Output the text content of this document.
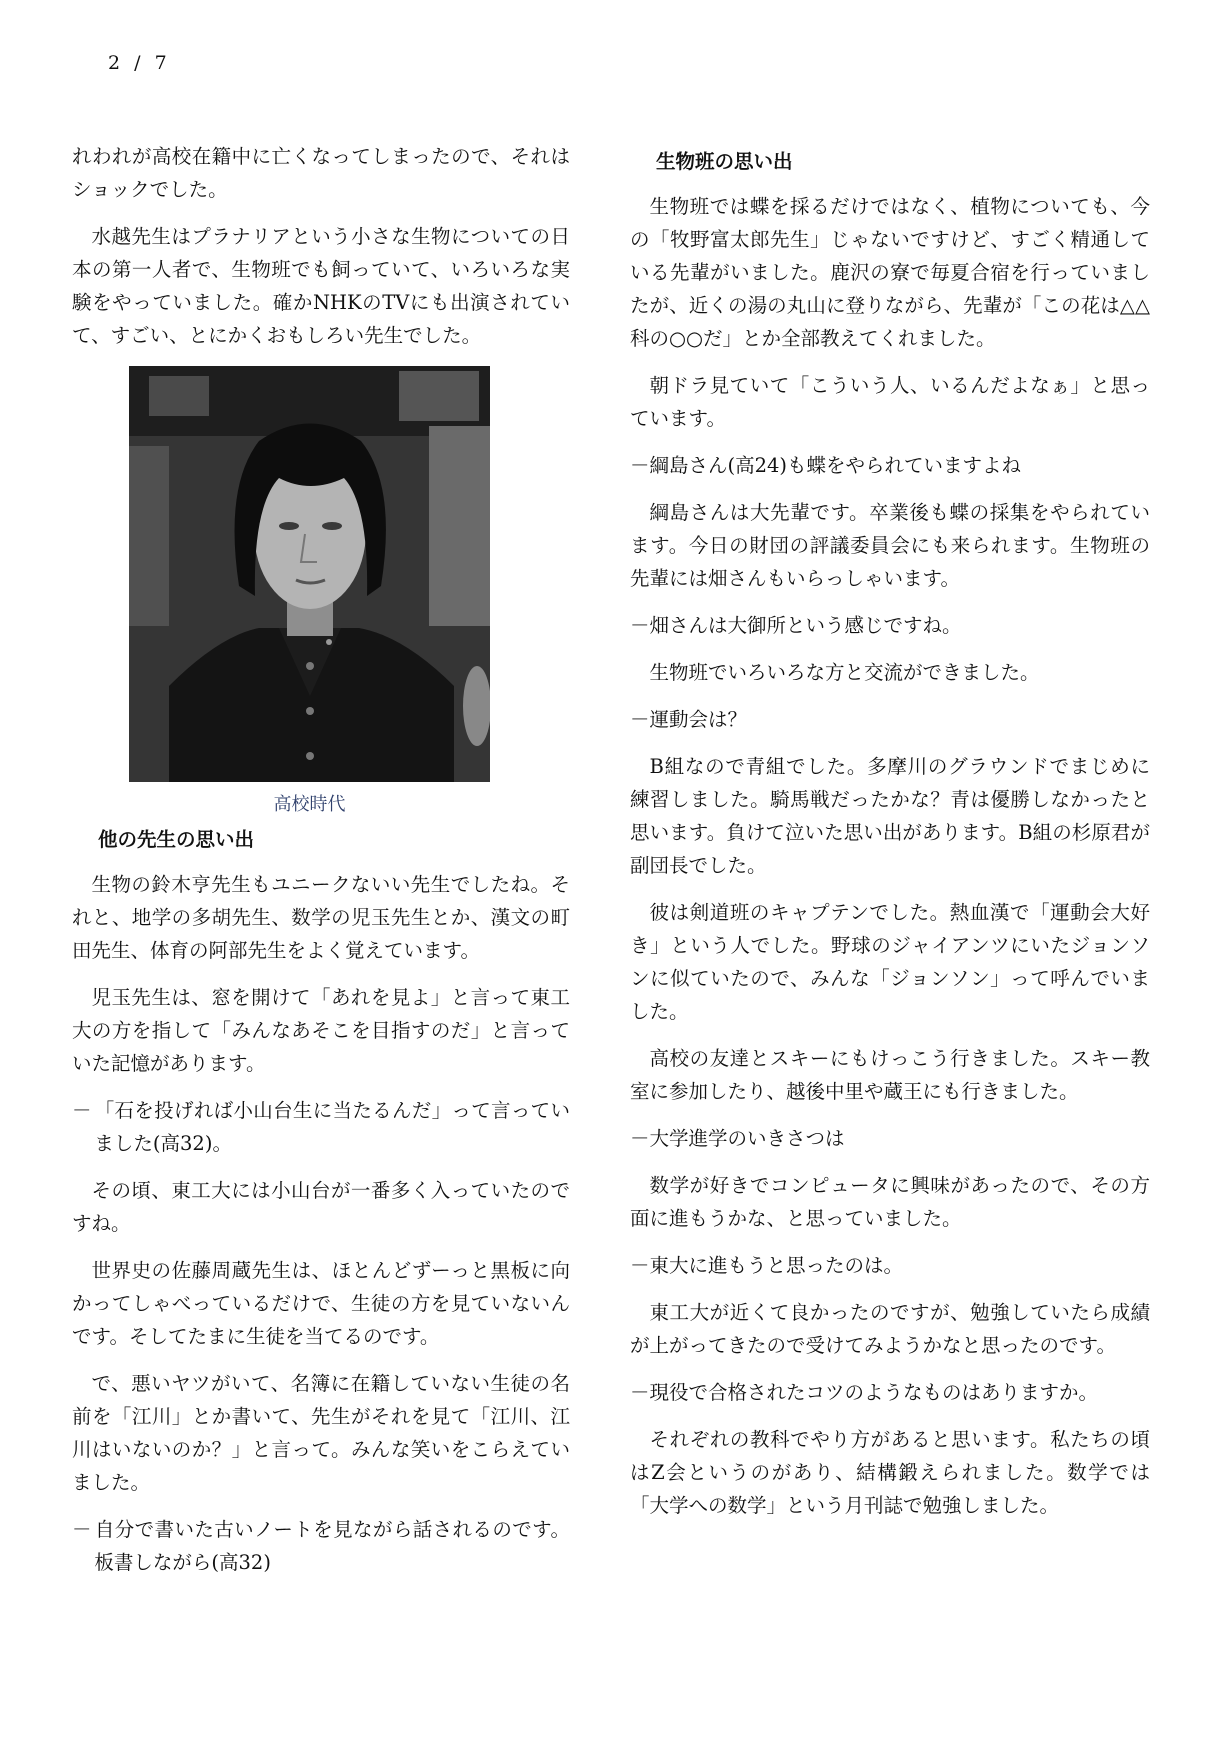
2 / 7

れわれが高校在籍中に亡くなってしまったので、それはショックでした。

水越先生はプラナリアという小さな生物についての日本の第一人者で、生物班でも飼っていて、いろいろな実験をやっていました。確かNHKのTVにも出演されていて、すごい、とにかくおもしろい先生でした。

高校時代
他の先生の思い出

生物の鈴木亨先生もユニークないい先生でしたね。それと、地学の多胡先生、数学の児玉先生とか、漢文の町田先生、体育の阿部先生をよく覚えています。

児玉先生は、窓を開けて「あれを見よ」と言って東工大の方を指して「みんなあそこを目指すのだ」と言っていた記憶があります。

－ 「石を投げれば小山台生に当たるんだ」って言っていました(高32)。

その頃、東工大には小山台が一番多く入っていたのですね。

世界史の佐藤周蔵先生は、ほとんどずーっと黒板に向かってしゃべっているだけで、生徒の方を見ていないんです。そしてたまに生徒を当てるのです。

で、悪いヤツがいて、名簿に在籍していない生徒の名前を「江川」とか書いて、先生がそれを見て「江川、江川はいないのか？」と言って。みんな笑いをこらえていました。

－ 自分で書いた古いノートを見ながら話されるのです。板書しながら(高32)

生物班の思い出

生物班では蝶を採るだけではなく、植物についても、今の「牧野富太郎先生」じゃないですけど、すごく精通している先輩がいました。鹿沢の寮で毎夏合宿を行っていましたが、近くの湯の丸山に登りながら、先輩が「この花は△△科の○○だ」とか全部教えてくれました。

朝ドラ見ていて「こういう人、いるんだよなぁ」と思っています。

－綱島さん(高24)も蝶をやられていますよね

綱島さんは大先輩です。卒業後も蝶の採集をやられています。今日の財団の評議委員会にも来られます。生物班の先輩には畑さんもいらっしゃいます。

－畑さんは大御所という感じですね。

生物班でいろいろな方と交流ができました。

－運動会は？

B組なので青組でした。多摩川のグラウンドでまじめに練習しました。騎馬戦だったかな？青は優勝しなかったと思います。負けて泣いた思い出があります。B組の杉原君が副団長でした。

彼は剣道班のキャプテンでした。熱血漢で「運動会大好き」という人でした。野球のジャイアンツにいたジョンソンに似ていたので、みんな「ジョンソン」って呼んでいました。

高校の友達とスキーにもけっこう行きました。スキー教室に参加したり、越後中里や蔵王にも行きました。

－大学進学のいきさつは

数学が好きでコンピュータに興味があったので、その方面に進もうかな、と思っていました。

－東大に進もうと思ったのは。

東工大が近くて良かったのですが、勉強していたら成績が上がってきたので受けてみようかなと思ったのです。

－現役で合格されたコツのようなものはありますか。

それぞれの教科でやり方があると思います。私たちの頃はZ会というのがあり、結構鍛えられました。数学では「大学への数学」という月刊誌で勉強しました。
